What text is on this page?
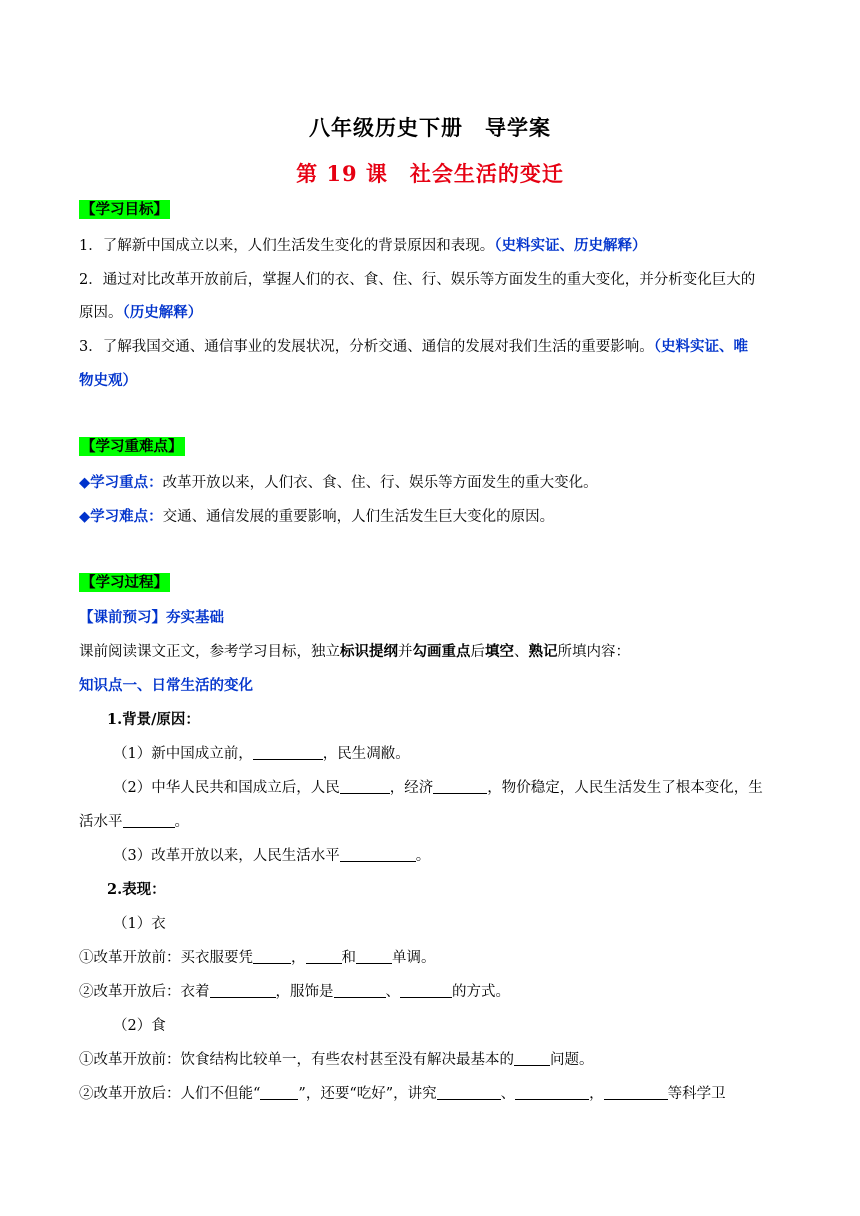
八年级历史下册　导学案
第 19 课　社会生活的变迁
【学习目标】
1．了解新中国成立以来，人们生活发生变化的背景原因和表现。（史料实证、历史解释）
2．通过对比改革开放前后，掌握人们的衣、食、住、行、娱乐等方面发生的重大变化，并分析变化巨大的
原因。（历史解释）
3．了解我国交通、通信事业的发展状况，分析交通、通信的发展对我们生活的重要影响。（史料实证、唯
物史观）
【学习重难点】
◆学习重点：改革开放以来，人们衣、食、住、行、娱乐等方面发生的重大变化。
◆学习难点：交通、通信发展的重要影响，人们生活发生巨大变化的原因。
【学习过程】
【课前预习】夯实基础
课前阅读课文正文，参考学习目标，独立标识提纲并勾画重点后填空、熟记所填内容：
知识点一、日常生活的变化
1.背景/原因：
（1）新中国成立前，	，民生凋敝。
（2）中华人民共和国成立后，人民	，经济	，物价稳定，人民生活发生了根本变化，生
活水平	。
（3）改革开放以来，人民生活水平	。
2.表现：
（1）衣
①改革开放前：买衣服要凭	， 和 单调。
②改革开放后：衣着	，服饰是	、	的方式。
（2）食
①改革开放前：饮食结构比较单一，有些农村甚至没有解决最基本的 问题。
②改革开放后：人们不但能“	”，还要“吃好”，讲究	、	，	等科学卫
